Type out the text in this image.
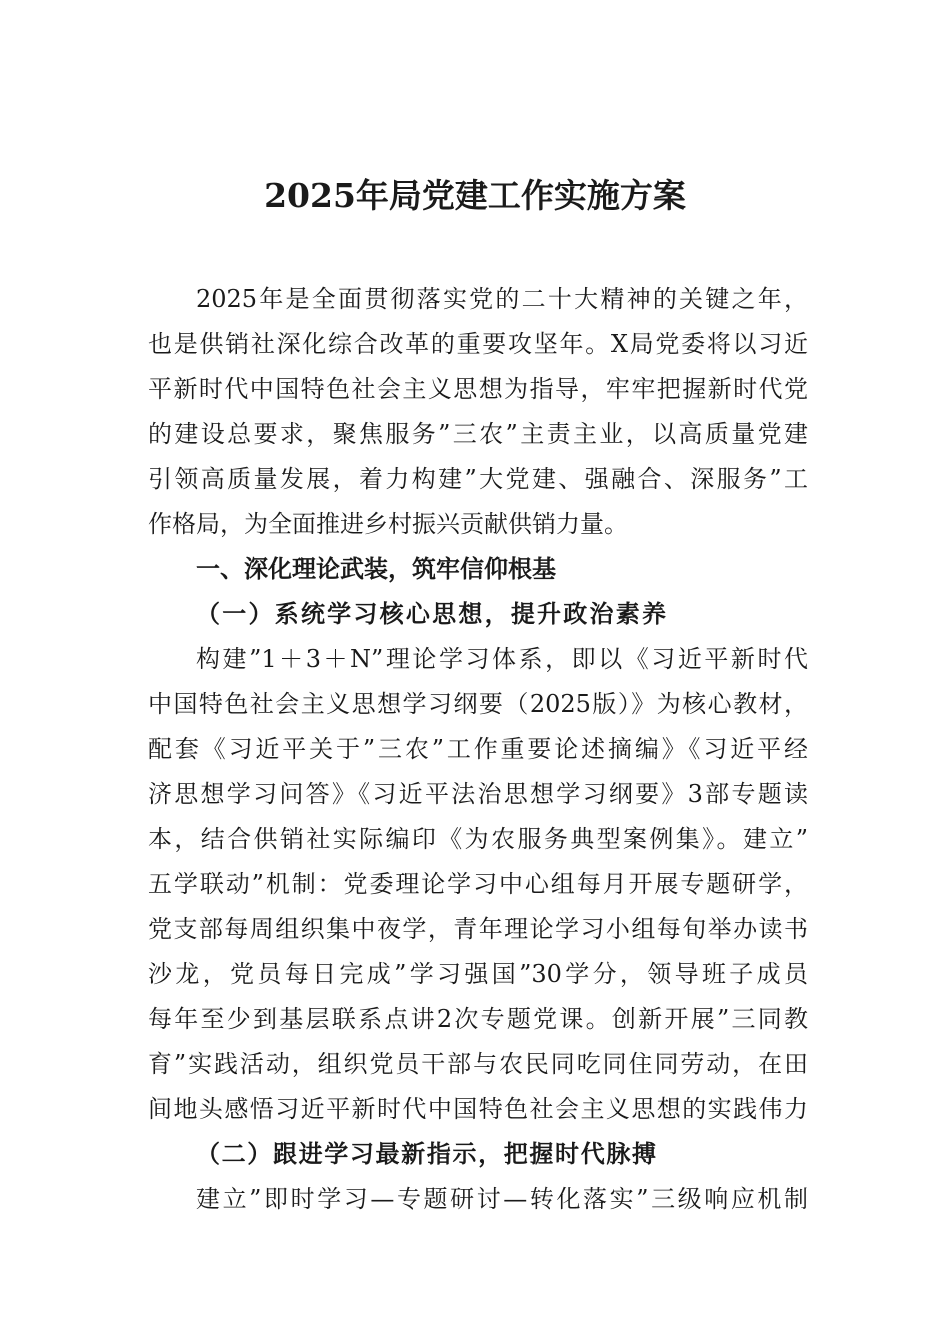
2025年局党建工作实施方案
2025年是全面贯彻落实党的二十大精神的关键之年，
也是供销社深化综合改革的重要攻坚年。X局党委将以习近
平新时代中国特色社会主义思想为指导，牢牢把握新时代党
的建设总要求，聚焦服务”三农”主责主业，以高质量党建
引领高质量发展，着力构建”大党建、强融合、深服务”工
作格局，为全面推进乡村振兴贡献供销力量。
一、深化理论武装，筑牢信仰根基
（一）系统学习核心思想，提升政治素养
构建”1＋3＋N”理论学习体系，即以《习近平新时代
中国特色社会主义思想学习纲要（2025版）》为核心教材，
配套《习近平关于”三农”工作重要论述摘编》《习近平经
济思想学习问答》《习近平法治思想学习纲要》3部专题读
本，结合供销社实际编印《为农服务典型案例集》。建立”
五学联动”机制：党委理论学习中心组每月开展专题研学，
党支部每周组织集中夜学，青年理论学习小组每旬举办读书
沙龙，党员每日完成”学习强国”30学分，领导班子成员
每年至少到基层联系点讲2次专题党课。创新开展”三同教
育”实践活动，组织党员干部与农民同吃同住同劳动，在田
间地头感悟习近平新时代中国特色社会主义思想的实践伟力
（二）跟进学习最新指示，把握时代脉搏
建立”即时学习—专题研讨—转化落实”三级响应机制
